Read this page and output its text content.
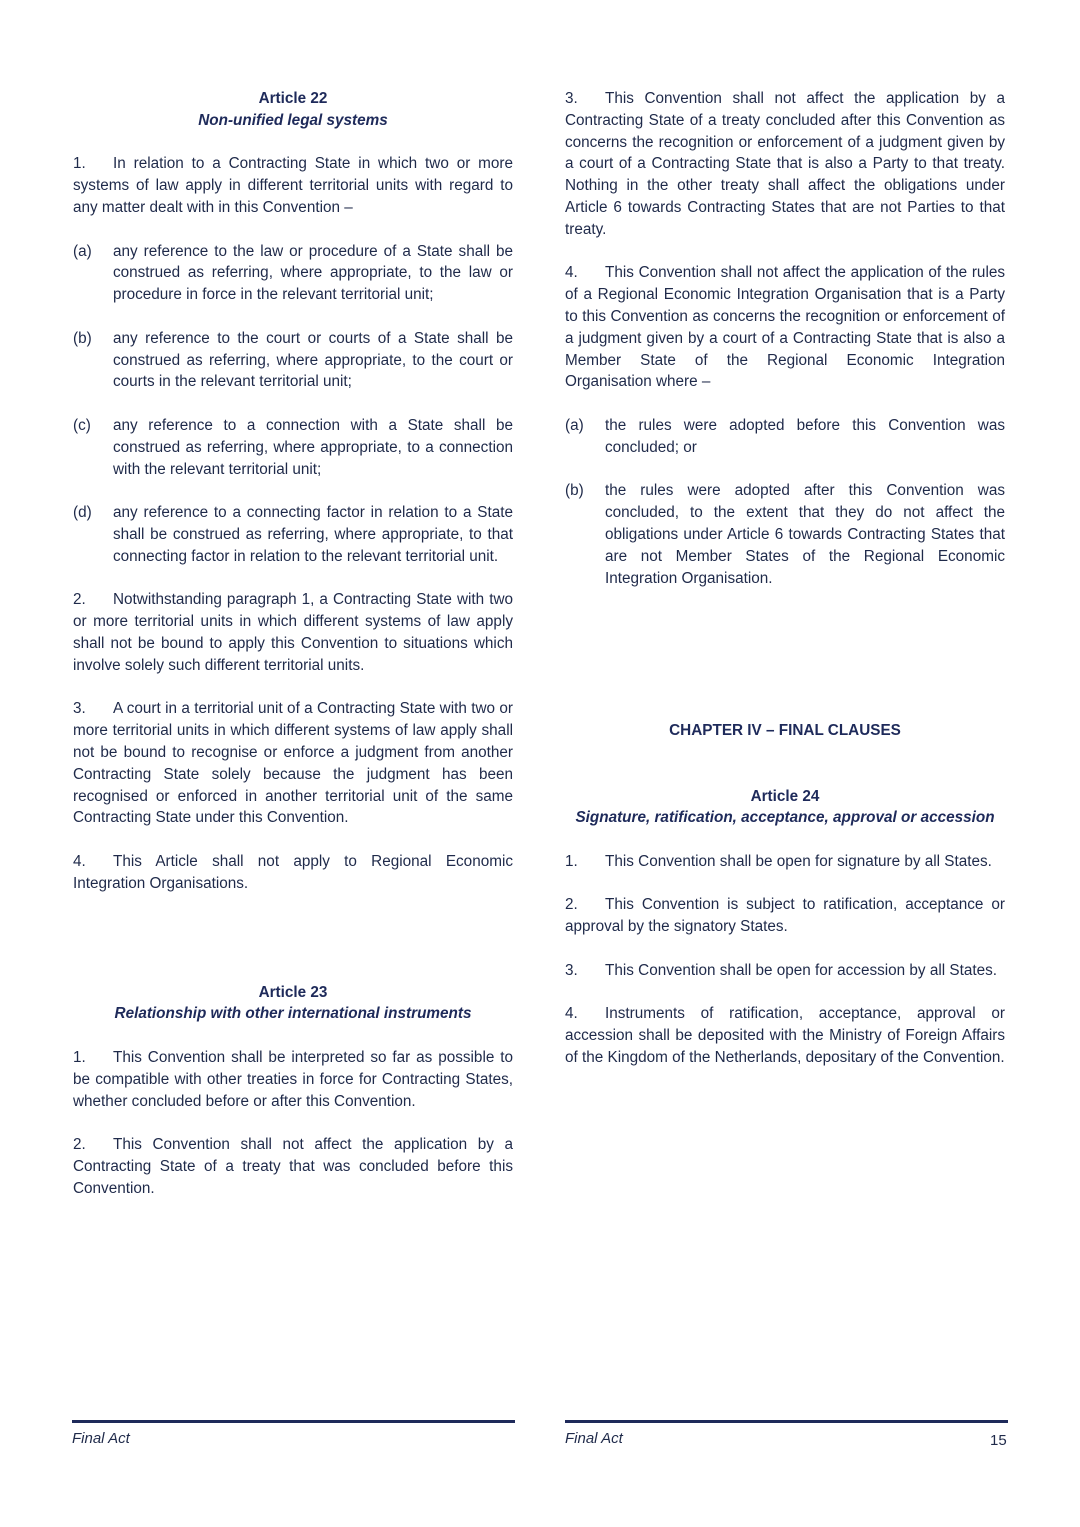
Article 22
Non-unified legal systems

1. In relation to a Contracting State in which two or more systems of law apply in different territorial units with regard to any matter dealt with in this Convention –

(a)	any reference to the law or procedure of a State shall be construed as referring, where appropriate, to the law or procedure in force in the relevant territorial unit;
(b)	any reference to the court or courts of a State shall be construed as referring, where appropriate, to the court or courts in the relevant territorial unit;
(c)	any reference to a connection with a State shall be construed as referring, where appropriate, to a connection with the relevant territorial unit;
(d)	any reference to a connecting factor in relation to a State shall be construed as referring, where appropriate, to that connecting factor in relation to the relevant territorial unit.

2. Notwithstanding paragraph 1, a Contracting State with two or more territorial units in which different systems of law apply shall not be bound to apply this Convention to situations which involve solely such different territorial units.

3. A court in a territorial unit of a Contracting State with two or more territorial units in which different systems of law apply shall not be bound to recognise or enforce a judgment from another Contracting State solely because the judgment has been recognised or enforced in another territorial unit of the same Contracting State under this Convention.

4. This Article shall not apply to Regional Economic Integration Organisations.

Article 23
Relationship with other international instruments

1. This Convention shall be interpreted so far as possible to be compatible with other treaties in force for Contracting States, whether concluded before or after this Convention.

2. This Convention shall not affect the application by a Contracting State of a treaty that was concluded before this Convention.

3. This Convention shall not affect the application by a Contracting State of a treaty concluded after this Convention as concerns the recognition or enforcement of a judgment given by a court of a Contracting State that is also a Party to that treaty. Nothing in the other treaty shall affect the obligations under Article 6 towards Contracting States that are not Parties to that treaty.

4. This Convention shall not affect the application of the rules of a Regional Economic Integration Organisation that is a Party to this Convention as concerns the recognition or enforcement of a judgment given by a court of a Contracting State that is also a Member State of the Regional Economic Integration Organisation where –

(a)	the rules were adopted before this Convention was concluded; or
(b)	the rules were adopted after this Convention was concluded, to the extent that they do not affect the obligations under Article 6 towards Contracting States that are not Member States of the Regional Economic Integration Organisation.
CHAPTER IV – FINAL CLAUSES
Article 24
Signature, ratification, acceptance, approval or accession

1. This Convention shall be open for signature by all States.

2. This Convention is subject to ratification, acceptance or approval by the signatory States.

3. This Convention shall be open for accession by all States.

4. Instruments of ratification, acceptance, approval or accession shall be deposited with the Ministry of Foreign Affairs of the Kingdom of the Netherlands, depositary of the Convention.

Final Act	Final Act	15
